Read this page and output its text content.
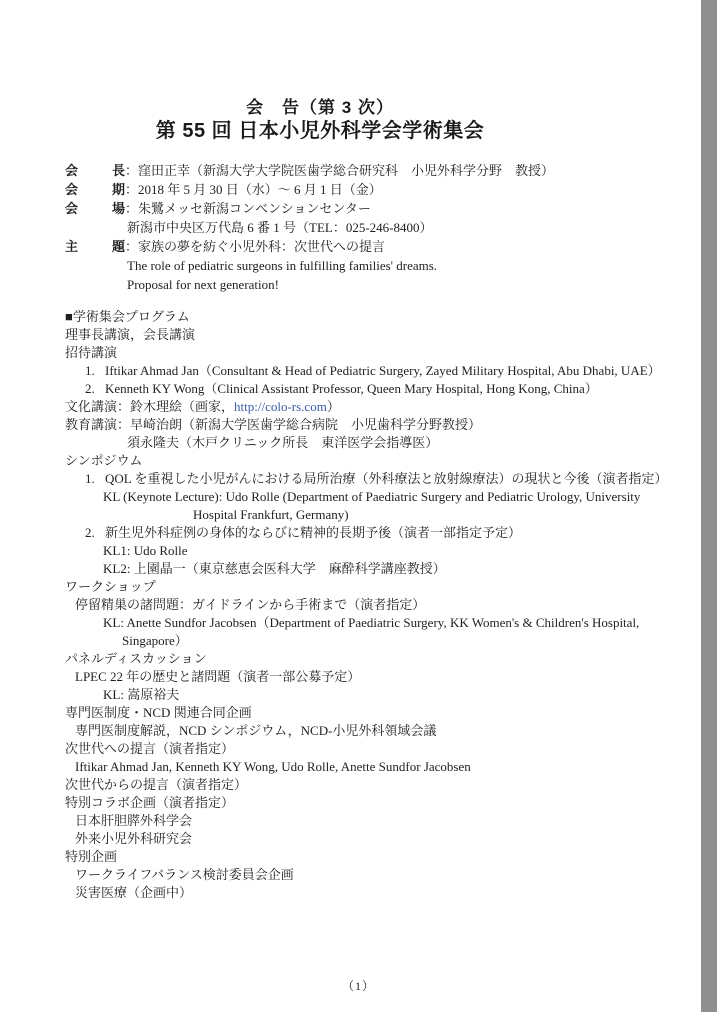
会　告（第 3 次）
第 55 回 日本小児外科学会学術集会
会	長 ：窪田正幸（新潟大学大学院医歯学総合研究科　小児外科学分野　教授）
会	期 ：2018 年 5 月 30 日（水）～ 6 月 1 日（金）
会	場 ：朱鷺メッセ新潟コンベンションセンター
新潟市中央区万代島 6 番 1 号（TEL：025-246-8400）
主	題 ：家族の夢を紡ぐ小児外科：次世代への提言
The role of pediatric surgeons in fulfilling families' dreams.
Proposal for next generation!
■学術集会プログラム
理事長講演，会長講演
招待講演
1. Iftikar Ahmad Jan（Consultant & Head of Pediatric Surgery, Zayed Military Hospital, Abu Dhabi, UAE）
2. Kenneth KY Wong（Clinical Assistant Professor, Queen Mary Hospital, Hong Kong, China）
文化講演：鈴木理絵（画家，http://colo-rs.com）
教育講演：早崎治朗（新潟大学医歯学総合病院　小児歯科学分野教授）
須永隆夫（木戸クリニック所長　東洋医学会指導医）
シンポジウム
1. QOL を重視した小児がんにおける局所治療（外科療法と放射線療法）の現状と今後（演者指定）
KL (Keynote Lecture): Udo Rolle (Department of Paediatric Surgery and Pediatric Urology, University
Hospital Frankfurt, Germany)
2. 新生児外科症例の身体的ならびに精神的長期予後（演者一部指定予定）
KL1: Udo Rolle
KL2: 上園晶一（東京慈恵会医科大学　麻酔科学講座教授）
ワークショップ
停留精巣の諸問題：ガイドラインから手術まで（演者指定）
KL: Anette Sundfor Jacobsen（Department of Paediatric Surgery, KK Women's & Children's Hospital,
Singapore）
パネルディスカッション
LPEC 22 年の歴史と諸問題（演者一部公募予定）
KL: 嵩原裕夫
専門医制度・NCD 関連合同企画
専門医制度解説，NCD シンポジウム，NCD-小児外科領域会議
次世代への提言（演者指定）
Iftikar Ahmad Jan, Kenneth KY Wong, Udo Rolle, Anette Sundfor Jacobsen
次世代からの提言（演者指定）
特別コラボ企画（演者指定）
日本肝胆膵外科学会
外来小児外科研究会
特別企画
ワークライフバランス検討委員会企画
災害医療（企画中）
（1）
